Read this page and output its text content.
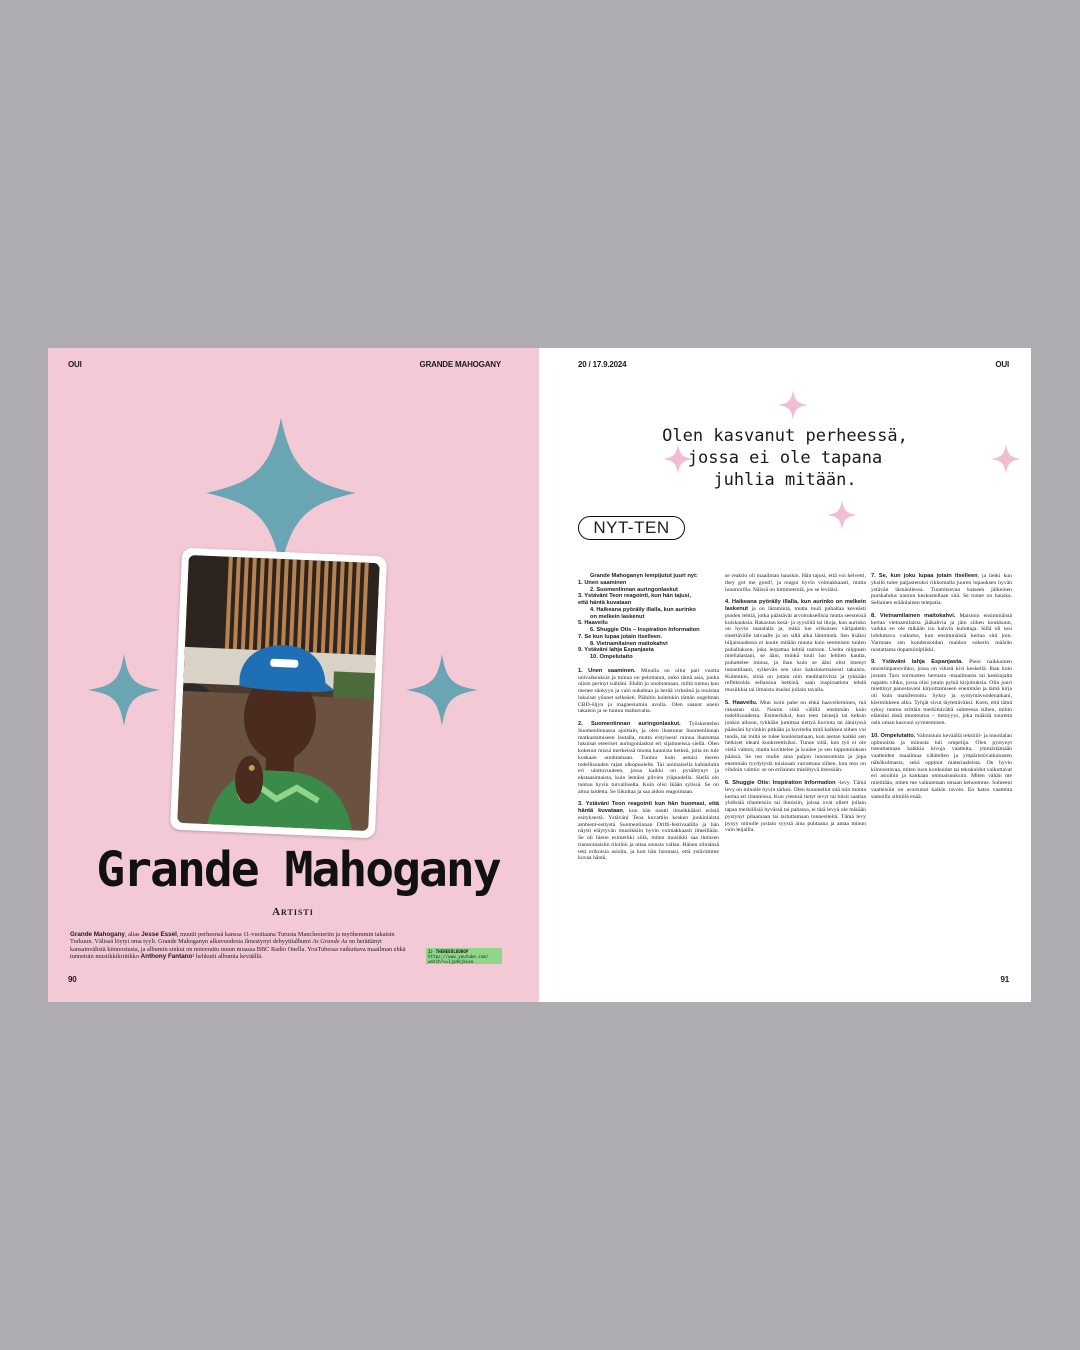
OUI	GRANDE MAHOGANY
Grande Mahogany
Artisti
Grande Mahogany, alias Jesse Essel, muutti perheensä kanssa 11-vuotiaana Turusta Manchesteriin ja myöhemmin takaisin Turkuun. Välissä löytyi oma tyyli. Grande Mahoganyn alkuvuodesta ilmestynyt debyyttialbumi As Grande As on herättänyt kansainvälistä kiinnostusta, ja albumin sinkut on noteerattu muun muassa BBC Radio Onella. YouTubessa vaikuttava maailman ehkä tunnetuin musiikkikriitikko Anthony Fantano¹ hehkutti albumia keväällä.
1) THENEEDLEDROP
https://www.youtube.com/
watch?v=1jp4kjkuxo
90
20 / 17.9.2024	OUI
Olen kasvanut perheessä,
jossa ei ole tapana
juhlia mitään.
NYT-TEN
Grande Mahoganyn lempijutut juuri nyt:
1. Unen saaminen
2. Suomenlinnan auringonlaskut
3. Ystäväni Teon reagointi, kun hän tajusi,
että häntä kuvataan
4. Haikeana pyöräily illalla, kun aurinko
on melkein laskenut
5. Haaveilu
6. Shuggie Otis – Inspiration Information
7. Se kun lupaa jotain itselleen.
8. Vietnamilainen maitokahvi
9. Ystäväni lahja Espanjasta
10. Ompelutaito

1. Unen saaminen. Minulla on ollut pari vuotta univaikeuksia ja minua on pelottanut, onko tämä asia, jonka olisin perinyt isältäni. Ehdin jo unohtamaan, miltä tuntuu kun menee sänkyyn ja vain nukahtaa ja herää virkeänä ja muistaa lukuisat yöunet selkeästi. Päihitin kuitenkin tämän ongelman CBD-öljyn ja magnesiumin avulla. Olen saanut uneni takaisin ja se tuntuu mahtavalta.

2. Suomenlinnan auringonlaskut. Työskentelen Suomenlinnassa ajoittain, ja olen ihastunut Suomenlinnan matkustamiseen lautalla, mutta erityisesti minua ihastuttaa lukuisat eteeriset auringonlaskut eri sijainneissa siellä. Olen kokenut missä merkeissä monta kaunista hetkeä, joita en tule koskaan unohtamaan. Tuntuu kuin astuisi meren todellisuuden rajan ulkopuolelle. Tai unimaisella kahlailulta eri ulottuvuuteen, jossa kaikki on pysähtynyt ja ekstaasimaista, kuin lentäisi pilvien yläpuolella. Siellä olo tuntuu hyvin turvalliselta. Kuin olisi ikään sylissä. Se on aitoa taidetta. Se liikuttaa ja saa aidon reagoimaan.

3. Ystäväni Teon reagointi kun hän huomasi, että häntä kuvataan, kun hän nautti ilmeikkäästi erästä esityksestä. Ystäväni Teoa kuvattiin kesken jonkinlaista ambient-esitystä Suomenlinnan Drifti-festivaalilla ja hän näytti eläytyvän musiikkiin hyvin voimakkaasti ilmeillään. Se oli hieno esimerkki siitä, miten musiikki saa ihmisen transsimaisiin tiloihin ja ottaa sinusta vallan. Hänen silmänsä teki erikoisia asioita, ja kun hän huomasi, että ystävämme kuvaa häntä,

se reaktio oli maailman hauskin. Hän tajusi, että voi helvetti, they got me good!, ja reagoi hyvin voimakkaasti, mutta huumorilla. Näissä on hittimeemiä, jos se leviäisi.

4. Haikeana pyöräily illalla, kun aurinko on melkein laskenut ja on lämmintä, mutta tuuli puhaltaa keveästi puiden lehtiä, jotka päästävät arvoituksellisia mutta seesteisiä kuiskauksia. Rakastan kesä- ja syysöitä tai iltoja, kun aurinko on hyvin matalalla ja, mikä luo erikoisen väripaletin sinertävälle taivaalle ja on siltä aika lämmintä. Sen lisäksi hiljaisuudessa ei kuule mitään muuta kuin seesteisen tuulen puhalluksen, joka lerpattaa lehtiä tuntoon. Useita niippuen mielialastani, se ääni, minkä tuuli luo lehtien kautta, puhuttelee minua, ja ihan kuin se ääni olisi imenyt tunnetilaani, sylkevän sen ulos kaksinkertaisesti takaisin. Kuitenkin, siinä on jotain niin meditatiivista ja tykkään reflektoida sellaisina hetkinä, saan inspiraatiota tehdä musiikkia tai ilmaista itseäni jollain tavalla.

5. Haaveilu. Mun isoin pahe on ehkä haaveileminen, mä rakastan sitä. Nautin siitä välillä enemmän kuin todellisuudesta. Esimerkiksi, kun teen bisnejä tai keksin jonkin aihson, tykkään jumittaa tiettyä kuviota tai äänityssä päässäni hyvinkin pitkään ja kuvitella mitä kaikkea siihen voi tuoda, tai miltä se tulee kuulostamaan, kun asetan kaikki sen hetkiset ideani konkreettisiksi. Tunne siitä, kun työ ei ole vielä valmis, mutta kuvittelee ja kuulee jo sen lopputuloksen päässä. Se tuo mulle aina paljon innostumista ja jopa enemmän tyydytystä toisinaan varrattuna siihen, kun teos on vihdoin valmis: se on erilainen mielihyvä itsessään.

6. Shuggie Otis: Inspiration Information -levy. Tämä levy on minulle hyvin tärkeä. Olen kuunnellut sitä niin monta kertaa eri tilanteissa. Kun yleensä tietyt levyt tai biisit saattaa yhdistää tilanteisiin tai ihmisiin, joissa ovat olleet jollain tapaa merkillisiä hyvässä tai pahassa, ei tätä levyä ole mikään pystynyt pilaamaan tai tartuttamaan tunnesiteitä. Tämä levy pysyy minulle jostain syystä aina puhtaana ja antaa minun vain leijailla.

7. Se, kun joku lupaa jotain itselleen, ja hetki kun yksilö tulee paljastetuksi rikkomalla juuren lupauksen hyvän ystävän läsnäollessa. Tuomitsevan katseen jälkeinen purskahdus naurun keskustellaan sitä. Se tunne on hauska. Sellainen eräänlainen telepatia.

8. Vietnamilainen maitokahvi. Maistoin ensimmäistä kertaa vietnamilaista jääkahvia ja jäin siihen koukkuun, vaikka en ole mikään iso kahvin kuluttaja. Sillä oli tosi lohduttava vaikutus, kun ensimmäistä kertaa sitä join. Varmaan sen kondensoidun maidon sokerin määrän nostattama dopamiinipiikki.

9. Ystäväni lahja Espanjasta. Pieni naikkainen muistiinpanovihko, jossa on vihreä kivi keskellä. Ihan kuin jostain Taru sormusten herrasta -maailmasta tai keskiajalta napattu vihko, jossa olisi jotain pyhiä kirjoituksia. Olin juuri miettinyt panostavani kirjoittamiseen enemmän ja tämä kirja oli kuin manifestoitu. Syksy ja syntymävuodenaikani, kiertoikkeen alku. Tyhjät sivut täytettäväksi. Koen, että tämä syksy tuntuu erittäin merkittävältä suhteessa siihen, mihin elämäni tästä muotoutuu – tietoyyys, joka määrää suuretta osin oman kasvuni syvenemisen.

10. Ompelutaito. Valmistuin keväällä tekstiili- ja muotialan opinnoista ja minusta tuli ompelija. Olen pystynyt toteuttamaan kaikkia kivoja vaatteita, ymmärtämään vaatteiden maailmaa vähitellen ja ympäristövaikutusten näkökulmasta, sekä oppinut materiaaleista. On hyvin kiinnostavaa, miten luon konkuidut tai tekokuidut vaikuttavat eri asioihin ja kankaan ominaisuuksiin. Miten vähän me mietitään, miten me vaikutetaan omaan kehoomme. Suhteeni vaatteisiin on avartunut kaikin tavoin. En katso vaatteita samoilla silmillä enää.

91
